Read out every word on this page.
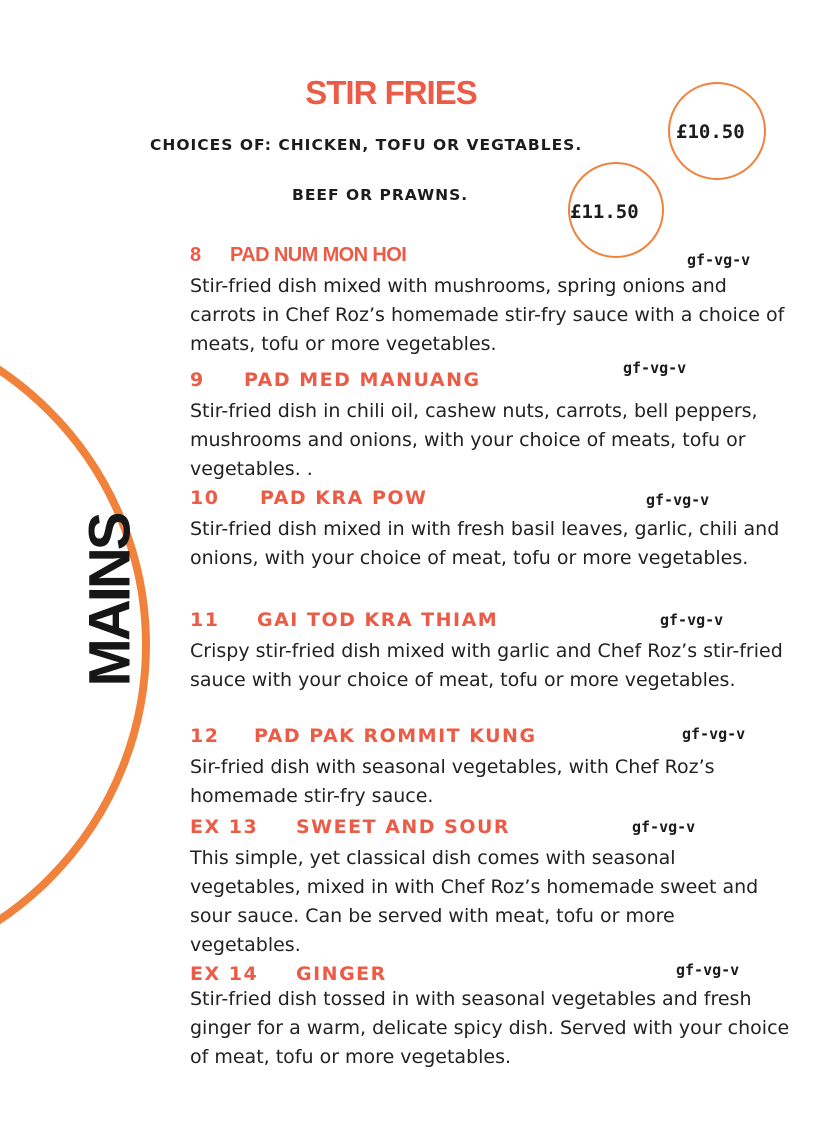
MAINS
STIR FRIES
CHOICES OF: CHICKEN, TOFU OR VEGTABLES.
BEEF OR PRAWNS.
£10.50
£11.50
8 PAD NUM MON HOI	gf-vg-v

Stir-fried dish mixed with mushrooms, spring onions and carrots in Chef Roz’s homemade stir-fry sauce with a choice of meats, tofu or more vegetables.

9 PAD MED MANUANG
gf-vg-v

Stir-fried dish in chili oil, cashew nuts, carrots, bell peppers, mushrooms and onions, with your choice of meats, tofu or vegetables. .

10 PAD KRA POW	gf-vg-v

Stir-fried dish mixed in with fresh basil leaves, garlic, chili and onions, with your choice of meat, tofu or more vegetables.

11 GAI TOD KRA THIAM	gf-vg-v

Crispy stir-fried dish mixed with garlic and Chef Roz’s stir-fried sauce with your choice of meat, tofu or more vegetables.

12 PAD PAK ROMMIT KUNG	gf-vg-v

Sir-fried dish with seasonal vegetables, with Chef Roz’s homemade stir-fry sauce.

EX 13 SWEET AND SOUR	gf-vg-v

This simple, yet classical dish comes with seasonal vegetables, mixed in with Chef Roz’s homemade sweet and sour sauce. Can be served with meat, tofu or more vegetables.

EX 14 GINGER	gf-vg-v

Stir-fried dish tossed in with seasonal vegetables and fresh ginger for a warm, delicate spicy dish. Served with your choice of meat, tofu or more vegetables.
